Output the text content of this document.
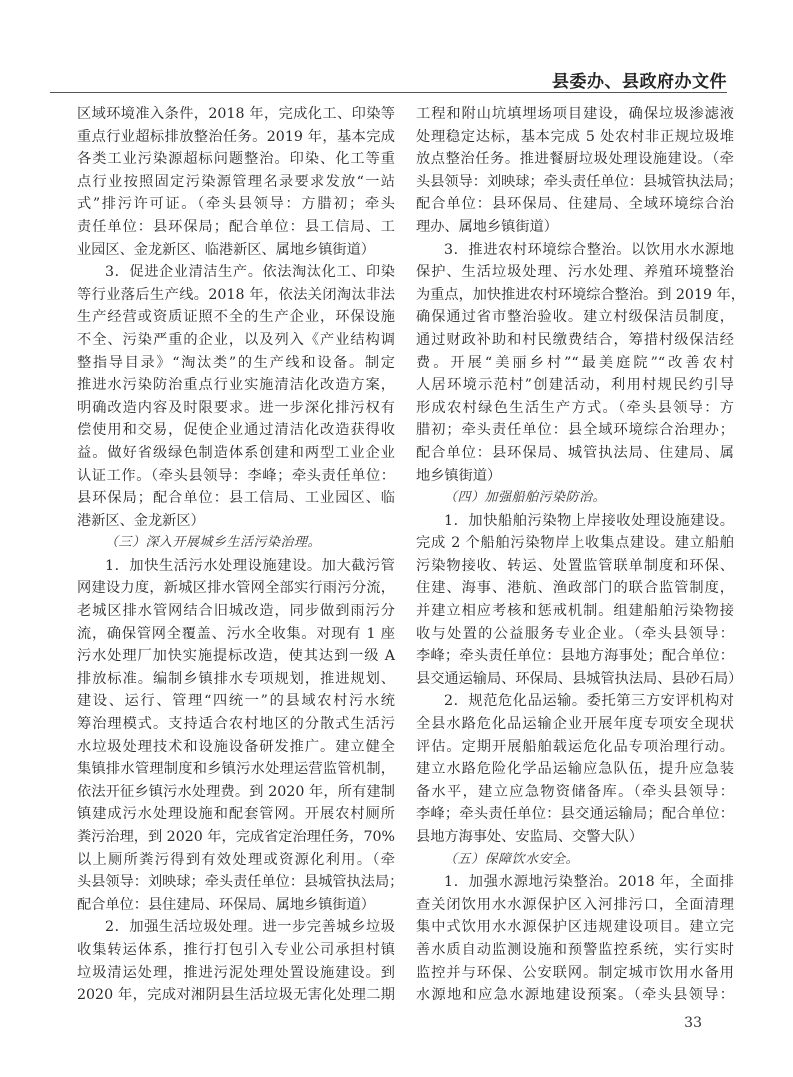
县委办、县政府办文件
区域环境准入条件，2018 年，完成化工、印染等
重点行业超标排放整治任务。2019 年，基本完成
各类工业污染源超标问题整治。印染、化工等重
点行业按照固定污染源管理名录要求发放“一站
式”排污许可证。（牵头县领导：方腊初；牵头
责任单位：县环保局；配合单位：县工信局、工
业园区、金龙新区、临港新区、属地乡镇街道）
3．促进企业清洁生产。依法淘汰化工、印染
等行业落后生产线。2018 年，依法关闭淘汰非法
生产经营或资质证照不全的生产企业，环保设施
不全、污染严重的企业，以及列入《产业结构调
整指导目录》“淘汰类”的生产线和设备。制定
推进水污染防治重点行业实施清洁化改造方案，
明确改造内容及时限要求。进一步深化排污权有
偿使用和交易，促使企业通过清洁化改造获得收
益。做好省级绿色制造体系创建和两型工业企业
认证工作。（牵头县领导：李峰；牵头责任单位：
县环保局；配合单位：县工信局、工业园区、临
港新区、金龙新区）
（三）深入开展城乡生活污染治理。
1．加快生活污水处理设施建设。加大截污管
网建设力度，新城区排水管网全部实行雨污分流，
老城区排水管网结合旧城改造，同步做到雨污分
流，确保管网全覆盖、污水全收集。对现有 1 座
污水处理厂加快实施提标改造，使其达到一级 A
排放标准。编制乡镇排水专项规划，推进规划、
建设、运行、管理“四统一”的县域农村污水统
筹治理模式。支持适合农村地区的分散式生活污
水垃圾处理技术和设施设备研发推广。建立健全
集镇排水管理制度和乡镇污水处理运营监管机制，
依法开征乡镇污水处理费。到 2020 年，所有建制
镇建成污水处理设施和配套管网。开展农村厕所
粪污治理，到 2020 年，完成省定治理任务，70%
以上厕所粪污得到有效处理或资源化利用。（牵
头县领导：刘映球；牵头责任单位：县城管执法局；
配合单位：县住建局、环保局、属地乡镇街道）
2．加强生活垃圾处理。进一步完善城乡垃圾
收集转运体系，推行打包引入专业公司承担村镇
垃圾清运处理，推进污泥处理处置设施建设。到
2020 年，完成对湘阴县生活垃圾无害化处理二期
工程和附山坑填埋场项目建设，确保垃圾渗滤液
处理稳定达标，基本完成 5 处农村非正规垃圾堆
放点整治任务。推进餐厨垃圾处理设施建设。（牵
头县领导：刘映球；牵头责任单位：县城管执法局；
配合单位：县环保局、住建局、全域环境综合治
理办、属地乡镇街道）
3．推进农村环境综合整治。以饮用水水源地
保护、生活垃圾处理、污水处理、养殖环境整治
为重点，加快推进农村环境综合整治。到 2019 年，
确保通过省市整治验收。建立村级保洁员制度，
通过财政补助和村民缴费结合，筹措村级保洁经
费。开展“美丽乡村”“最美庭院”“改善农村
人居环境示范村”创建活动，利用村规民约引导
形成农村绿色生活生产方式。（牵头县领导：方
腊初；牵头责任单位：县全域环境综合治理办；
配合单位：县环保局、城管执法局、住建局、属
地乡镇街道）
（四）加强船舶污染防治。
1．加快船舶污染物上岸接收处理设施建设。
完成 2 个船舶污染物岸上收集点建设。建立船舶
污染物接收、转运、处置监管联单制度和环保、
住建、海事、港航、渔政部门的联合监管制度，
并建立相应考核和惩戒机制。组建船舶污染物接
收与处置的公益服务专业企业。（牵头县领导：
李峰；牵头责任单位：县地方海事处；配合单位：
县交通运输局、环保局、县城管执法局、县砂石局）
2．规范危化品运输。委托第三方安评机构对
全县水路危化品运输企业开展年度专项安全现状
评估。定期开展船舶载运危化品专项治理行动。
建立水路危险化学品运输应急队伍，提升应急装
备水平，建立应急物资储备库。（牵头县领导：
李峰；牵头责任单位：县交通运输局；配合单位：
县地方海事处、安监局、交警大队）
（五）保障饮水安全。
1．加强水源地污染整治。2018 年，全面排
查关闭饮用水水源保护区入河排污口，全面清理
集中式饮用水水源保护区违规建设项目。建立完
善水质自动监测设施和预警监控系统，实行实时
监控并与环保、公安联网。制定城市饮用水备用
水源地和应急水源地建设预案。（牵头县领导：
33
